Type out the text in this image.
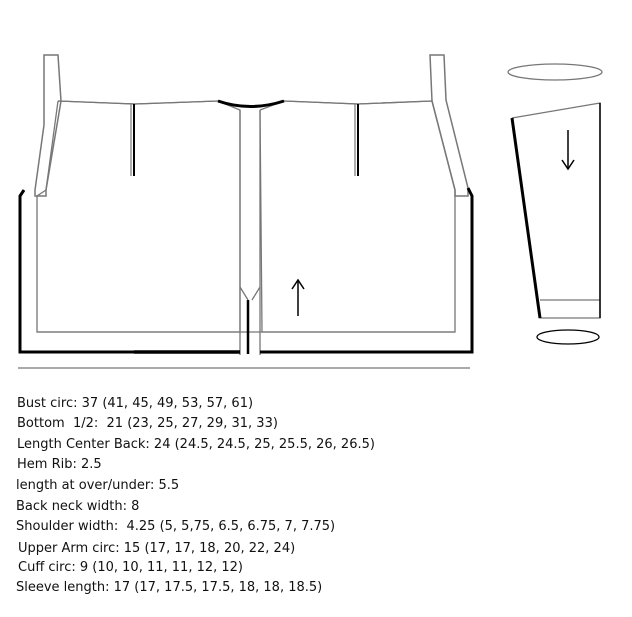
Bust circ: 37 (41, 45, 49, 53, 57, 61)
Bottom  1/2:  21 (23, 25, 27, 29, 31, 33)
Length Center Back: 24 (24.5, 24.5, 25, 25.5, 26, 26.5)
Hem Rib: 2.5
length at over/under: 5.5
Back neck width: 8
Shoulder width:  4.25 (5, 5,75, 6.5, 6.75, 7, 7.75)
Upper Arm circ: 15 (17, 17, 18, 20, 22, 24)
Cuff circ: 9 (10, 10, 11, 11, 12, 12)
Sleeve length: 17 (17, 17.5, 17.5, 18, 18, 18.5)
